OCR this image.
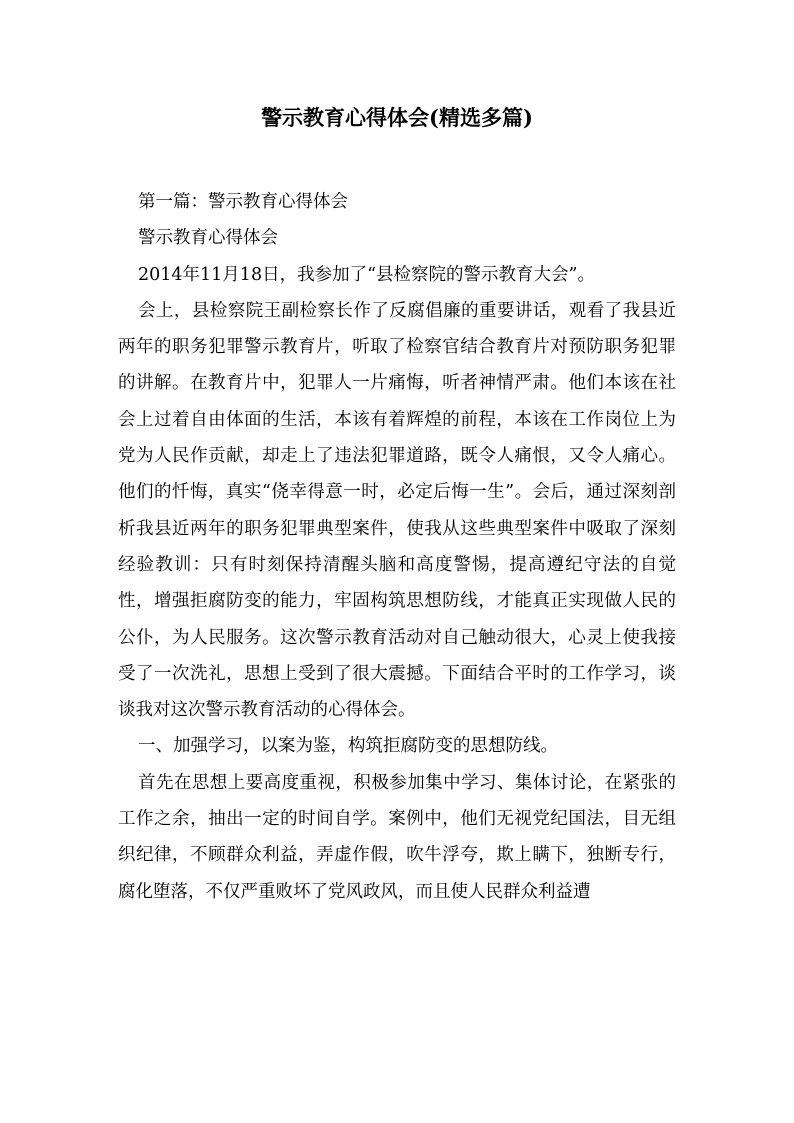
警示教育心得体会(精选多篇)

第一篇：警示教育心得体会

警示教育心得体会

2014年11月18日，我参加了“县检察院的警示教育大会”。

会上，县检察院王副检察长作了反腐倡廉的重要讲话，观看了我县近两年的职务犯罪警示教育片，听取了检察官结合教育片对预防职务犯罪的讲解。在教育片中，犯罪人一片痛悔，听者神情严肃。他们本该在社会上过着自由体面的生活，本该有着辉煌的前程，本该在工作岗位上为党为人民作贡献，却走上了违法犯罪道路，既令人痛恨，又令人痛心。他们的忏悔，真实“侥幸得意一时，必定后悔一生”。会后，通过深刻剖析我县近两年的职务犯罪典型案件，使我从这些典型案件中吸取了深刻经验教训：只有时刻保持清醒头脑和高度警惕，提高遵纪守法的自觉性，增强拒腐防变的能力，牢固构筑思想防线，才能真正实现做人民的公仆，为人民服务。这次警示教育活动对自己触动很大，心灵上使我接受了一次洗礼，思想上受到了很大震撼。下面结合平时的工作学习，谈谈我对这次警示教育活动的心得体会。

一、加强学习，以案为鉴，构筑拒腐防变的思想防线。

首先在思想上要高度重视，积极参加集中学习、集体讨论，在紧张的工作之余，抽出一定的时间自学。案例中，他们无视党纪国法，目无组织纪律，不顾群众利益，弄虚作假，吹牛浮夸，欺上瞒下，独断专行，腐化堕落，不仅严重败坏了党风政风，而且使人民群众利益遭
